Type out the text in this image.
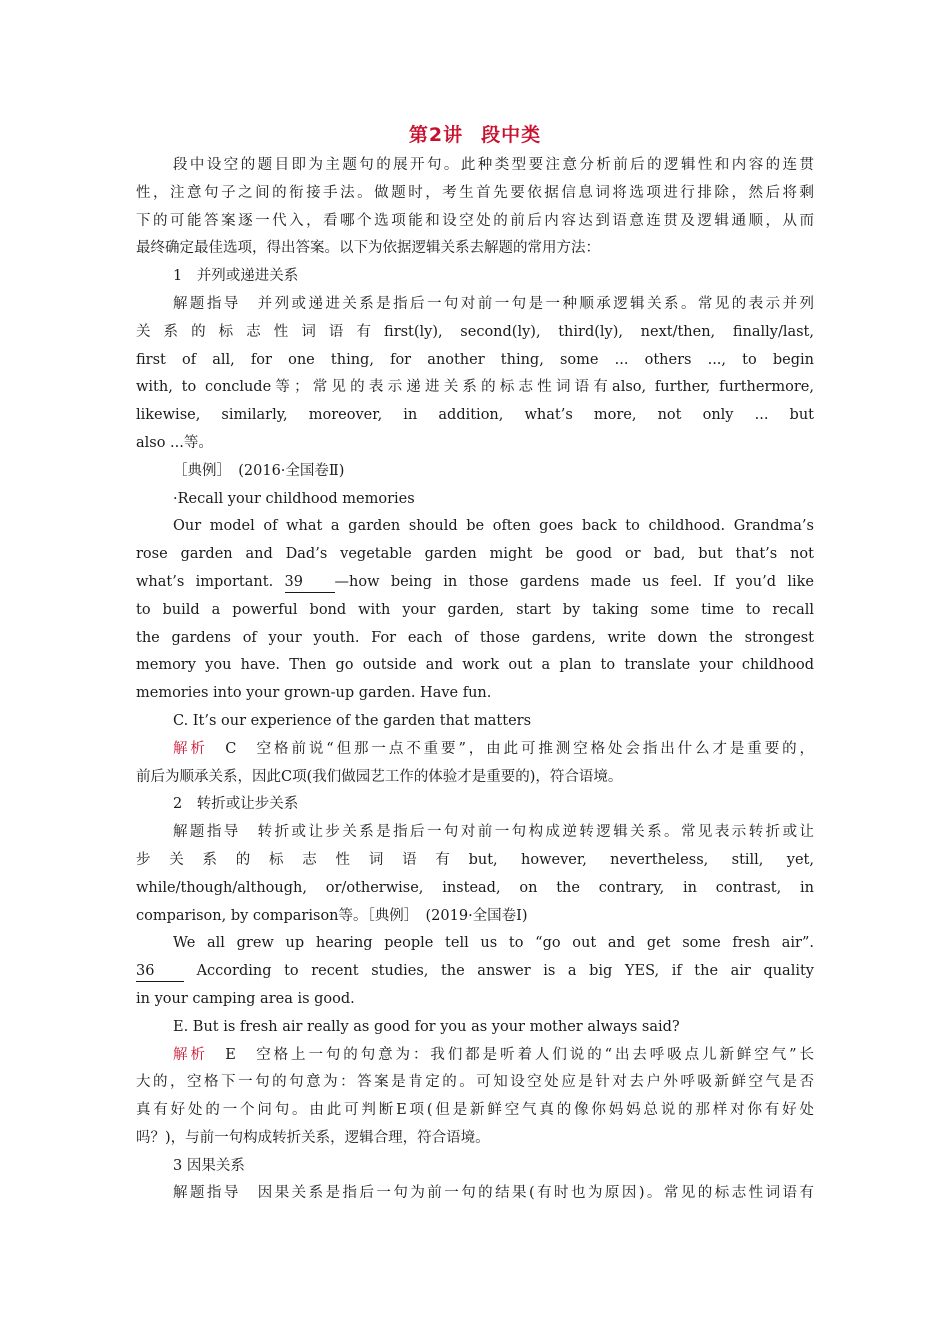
第2讲 段中类
段中设空的题目即为主题句的展开句。此种类型要注意分析前后的逻辑性和内容的连贯
性，注意句子之间的衔接手法。做题时，考生首先要依据信息词将选项进行排除，然后将剩
下的可能答案逐一代入，看哪个选项能和设空处的前后内容达到语意连贯及逻辑通顺，从而
最终确定最佳选项，得出答案。以下为依据逻辑关系去解题的常用方法：
1　并列或递进关系
解题指导　并列或递进关系是指后一句对前一句是一种顺承逻辑关系。常见的表示并列
关系的标志性词语有first(ly), second(ly), third(ly), next/then, finally/last,
first of all, for one thing, for another thing, some ... others ..., to begin
with, to conclude等；常见的表示递进关系的标志性词语有also, further, furthermore,
likewise, similarly, moreover, in addition, what’s more, not only ... but
also ...等。
［典例］　(2016·全国卷Ⅱ)
·Recall your childhood memories
Our model of what a garden should be often goes back to childhood. Grandma’s
rose garden and Dad’s vegetable garden might be good or bad, but that’s not
what’s important. 39 —how being in those gardens made us feel. If you’d like
to build a powerful bond with your garden, start by taking some time to recall
the gardens of your youth. For each of those gardens, write down the strongest
memory you have. Then go outside and work out a plan to translate your childhood
memories into your grown-up garden. Have fun.
C. It’s our experience of the garden that matters
解析　C　空格前说“但那一点不重要”，由此可推测空格处会指出什么才是重要的，
前后为顺承关系，因此C项(我们做园艺工作的体验才是重要的)，符合语境。
2　转折或让步关系
解题指导　转折或让步关系是指后一句对前一句构成逆转逻辑关系。常见表示转折或让
步关系的标志性词语有but, however, nevertheless, still, yet,
while/though/although, or/otherwise, instead, on the contrary, in contrast, in
comparison, by comparison等。［典例］　(2019·全国卷Ⅰ)
We all grew up hearing people tell us to “go out and get some fresh air”.
36 According to recent studies, the answer is a big YES, if the air quality
in your camping area is good.
E. But is fresh air really as good for you as your mother always said?
解析　E　空格上一句的句意为：我们都是听着人们说的“出去呼吸点儿新鲜空气”长
大的，空格下一句的句意为：答案是肯定的。可知设空处应是针对去户外呼吸新鲜空气是否
真有好处的一个问句。由此可判断E项(但是新鲜空气真的像你妈妈总说的那样对你有好处
吗？)，与前一句构成转折关系，逻辑合理，符合语境。
3 因果关系
解题指导　因果关系是指后一句为前一句的结果(有时也为原因)。常见的标志性词语有
